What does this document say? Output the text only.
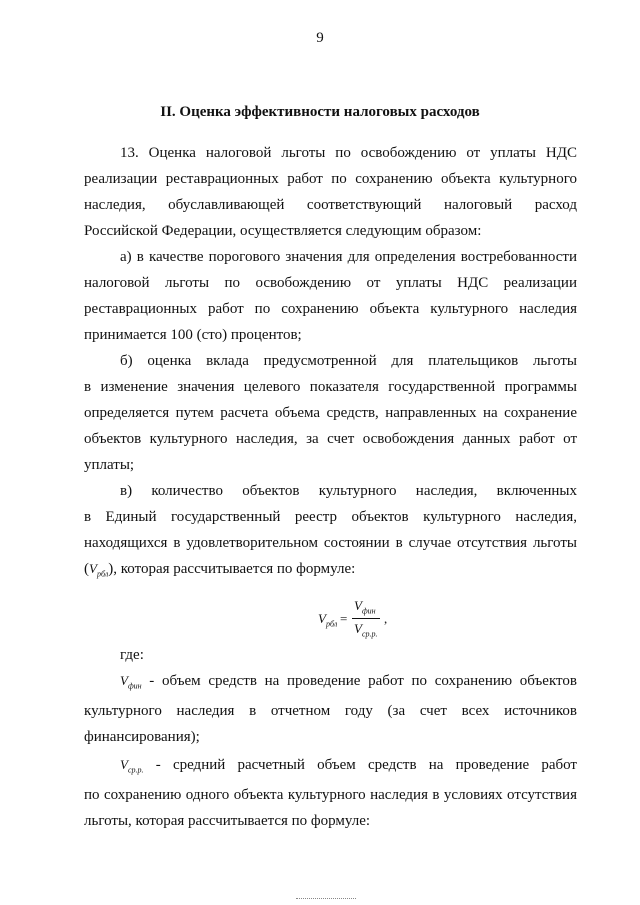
9
II. Оценка эффективности налоговых расходов
13. Оценка налоговой льготы по освобождению от уплаты НДС
реализации реставрационных работ по сохранению объекта культурного
наследия, обуславливающей соответствующий налоговый расход
Российской Федерации, осуществляется следующим образом:
а) в качестве порогового значения для определения востребованности
налоговой льготы по освобождению от уплаты НДС реализации
реставрационных работ по сохранению объекта культурного наследия
принимается 100 (сто) процентов;
б) оценка вклада предусмотренной для плательщиков льготы
в изменение значения целевого показателя государственной программы
определяется путем расчета объема средств, направленных на сохранение
объектов культурного наследия, за счет освобождения данных работ от
уплаты;
в) количество объектов культурного наследия, включенных
в Единый государственный реестр объектов культурного наследия,
находящихся в удовлетворительном состоянии в случае отсутствия льготы
$(V_{рбл})$, которая рассчитывается по формуле:
$V_{рбл}$ =
$V_{фин}$
$V_{ср.р.}$
,
где:
$V_{фин}$ - объем средств на проведение работ по сохранению объектов
культурного наследия в отчетном году (за счет всех источников
финансирования);
$V_{ср.р.}$ - средний расчетный объем средств на проведение работ
по сохранению одного объекта культурного наследия в условиях отсутствия
льготы, которая рассчитывается по формуле:
